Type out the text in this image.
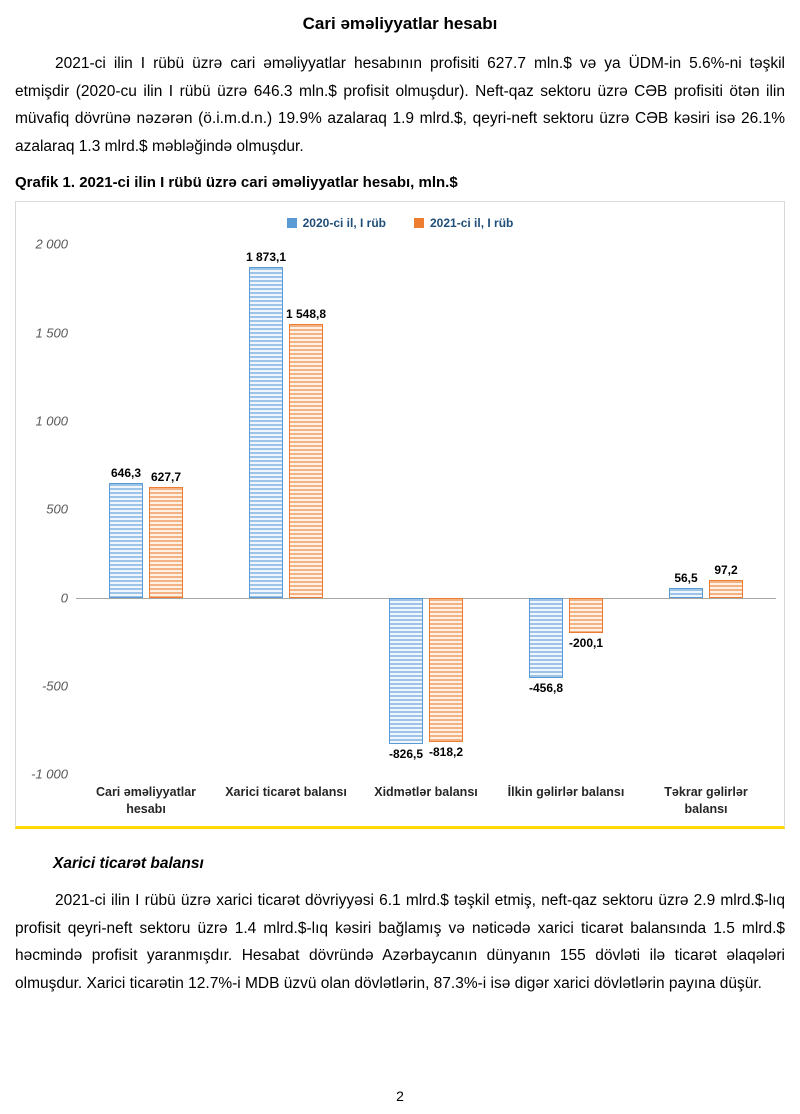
Cari əməliyyatlar hesabı

2021-ci ilin I rübü üzrə cari əməliyyatlar hesabının profisiti 627.7 mln.$ və ya ÜDM-in 5.6%-ni təşkil etmişdir (2020-cu ilin I rübü üzrə 646.3 mln.$ profisit olmuşdur). Neft-qaz sektoru üzrə CƏB profisiti ötən ilin müvafiq dövrünə nəzərən (ö.i.m.d.n.) 19.9% azalaraq 1.9 mlrd.$, qeyri-neft sektoru üzrə CƏB kəsiri isə 26.1% azalaraq 1.3 mlrd.$ məbləğində olmuşdur.

Qrafik 1. 2021-ci ilin I rübü üzrə cari əməliyyatlar hesabı, mln.$
2020-ci il, I rüb	2021-ci il, I rüb
2 000
1 500
1 000
500
0
-500
-1 000
646,3
1 873,1
-826,5
-456,8
56,5
627,7
1 548,8
-818,2
-200,1
97,2
Cari əməliyyatlar hesabı
Xarici ticarət balansı	Xidmətlər balansı	İlkin gəlirlər balansı	Təkrar gəlirlər balansı
Xarici ticarət balansı

2021-ci ilin I rübü üzrə xarici ticarət dövriyyəsi 6.1 mlrd.$ təşkil etmiş, neft-qaz sektoru üzrə 2.9 mlrd.$-lıq profisit qeyri-neft sektoru üzrə 1.4 mlrd.$-lıq kəsiri bağlamış və nəticədə xarici ticarət balansında 1.5 mlrd.$ həcmində profisit yaranmışdır. Hesabat dövründə Azərbaycanın dünyanın 155 dövləti ilə ticarət əlaqələri olmuşdur. Xarici ticarətin 12.7%-i MDB üzvü olan dövlətlərin, 87.3%-i isə digər xarici dövlətlərin payına düşür.

2
